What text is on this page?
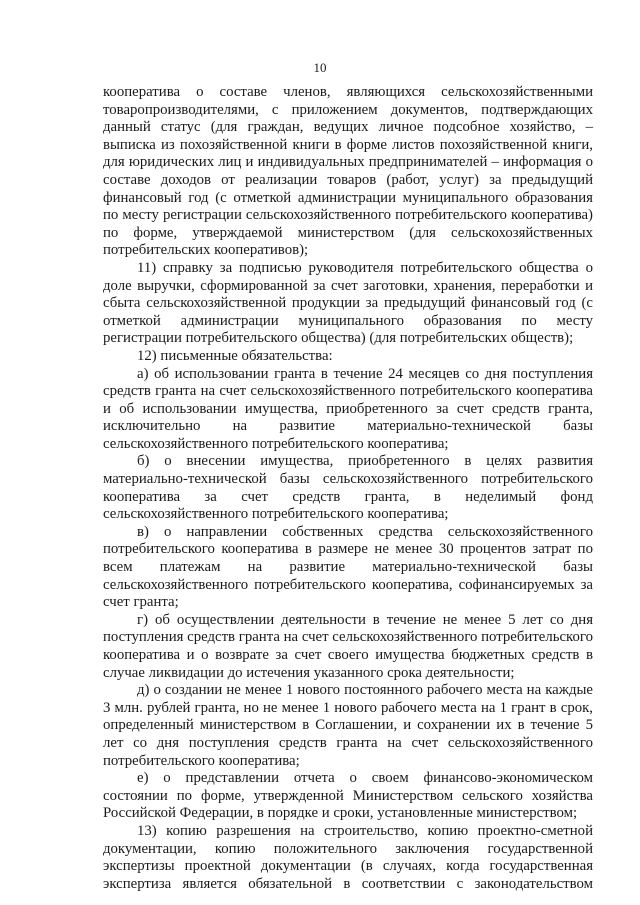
10

кооператива о составе членов, являющихся сельскохозяйственными товаропроизводителями, с приложением документов, подтверждающих данный статус (для граждан, ведущих личное подсобное хозяйство, – выписка из похозяйственной книги в форме листов похозяйственной книги, для юридических лиц и индивидуальных предпринимателей – информация о составе доходов от реализации товаров (работ, услуг) за предыдущий финансовый год (с отметкой администрации муниципального образования по месту регистрации сельскохозяйственного потребительского кооператива) по форме, утверждаемой министерством (для сельскохозяйственных потребительских кооперативов);

11) справку за подписью руководителя потребительского общества о доле выручки, сформированной за счет заготовки, хранения, переработки и сбыта сельскохозяйственной продукции за предыдущий финансовый год (с отметкой администрации муниципального образования по месту регистрации потребительского общества) (для потребительских обществ);

12) письменные обязательства:

а) об использовании гранта в течение 24 месяцев со дня поступления средств гранта на счет сельскохозяйственного потребительского кооператива и об использовании имущества, приобретенного за счет средств гранта, исключительно на развитие материально-технической базы сельскохозяйственного потребительского кооператива;

б) о внесении имущества, приобретенного в целях развития материально-технической базы сельскохозяйственного потребительского кооператива за счет средств гранта, в неделимый фонд сельскохозяйственного потребительского кооператива;

в) о направлении собственных средства сельскохозяйственного потребительского кооператива в размере не менее 30 процентов затрат по всем платежам на развитие материально-технической базы сельскохозяйственного потребительского кооператива, софинансируемых за счет гранта;

г) об осуществлении деятельности в течение не менее 5 лет со дня поступления средств гранта на счет сельскохозяйственного потребительского кооператива и о возврате за счет своего имущества бюджетных средств в случае ликвидации до истечения указанного срока деятельности;

д) о создании не менее 1 нового постоянного рабочего места на каждые 3 млн. рублей гранта, но не менее 1 нового рабочего места на 1 грант в срок, определенный министерством в Соглашении, и сохранении их в течение 5 лет со дня поступления средств гранта на счет сельскохозяйственного потребительского кооператива;

е) о представлении отчета о своем финансово-экономическом состоянии по форме, утвержденной Министерством сельского хозяйства Российской Федерации, в порядке и сроки, установленные министерством;

13) копию разрешения на строительство, копию проектно-сметной документации, копию положительного заключения государственной экспертизы проектной документации (в случаях, когда государственная экспертиза является обязательной в соответствии с законодательством
